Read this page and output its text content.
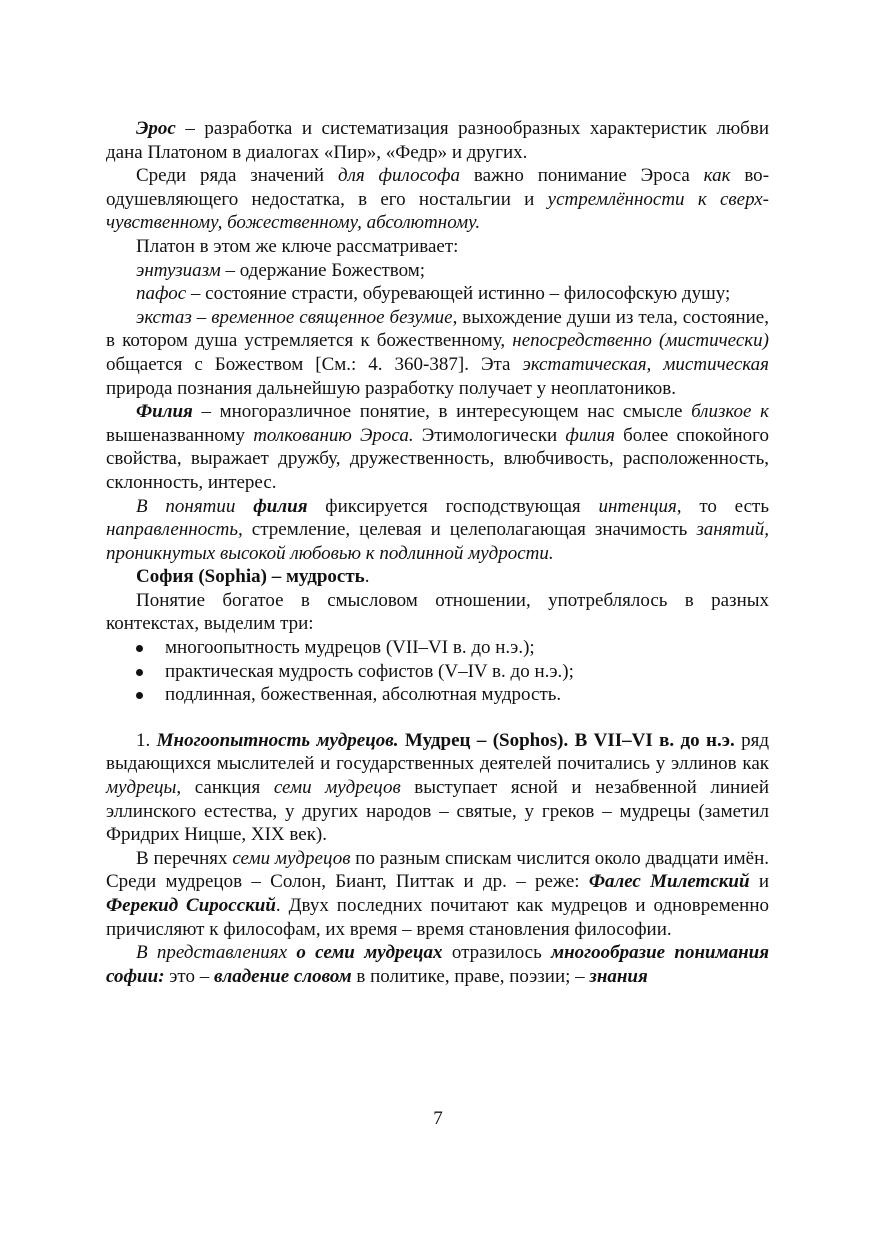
Эрос – разработка и систематизация разнообразных характеристик любви дана Платоном в диалогах «Пир», «Федр» и других.

Среди ряда значений для философа важно понимание Эроса как воодушевляющего недостатка, в его ностальгии и устремлённости к сверхчувственному, божественному, абсолютному.

Платон в этом же ключе рассматривает:

энтузиазм – одержание Божеством;

пафос – состояние страсти, обуревающей истинно – философскую душу;

экстаз – временное священное безумие, выхождение души из тела, состояние, в котором душа устремляется к божественному, непосредственно (мистически) общается с Божеством [См.: 4. 360-387]. Эта экстатическая, мистическая природа познания дальнейшую разработку получает у неоплатоников.

Филия – многоразличное понятие, в интересующем нас смысле близкое к вышеназванному толкованию Эроса. Этимологически филия более спокойного свойства, выражает дружбу, дружественность, влюбчивость, расположенность, склонность, интерес.

В понятии филия фиксируется господствующая интенция, то есть направленность, стремление, целевая и целеполагающая значимость занятий, проникнутых высокой любовью к подлинной мудрости.

София (Sophia) – мудрость.

Понятие богатое в смысловом отношении, употреблялось в разных контекстах, выделим три:

многоопытность мудрецов (VII–VI в. до н.э.);
практическая мудрость софистов (V–IV в. до н.э.);
подлинная, божественная, абсолютная мудрость.

1. Многоопытность мудрецов. Мудрец – (Sophos). В VII–VI в. до н.э. ряд выдающихся мыслителей и государственных деятелей почитались у эллинов как мудрецы, санкция семи мудрецов выступает ясной и незабвенной линией эллинского естества, у других народов – святые, у греков – мудрецы (заметил Фридрих Ницше, XIX век).

В перечнях семи мудрецов по разным спискам числится около двадцати имён. Среди мудрецов – Солон, Биант, Питтак и др. – реже: Фалес Милетский и Ферекид Сиросский. Двух последних почитают как мудрецов и одновременно причисляют к философам, их время – время становления философии.

В представлениях о семи мудрецах отразилось многообразие понимания софии: это – владение словом в политике, праве, поэзии; – знания

7
